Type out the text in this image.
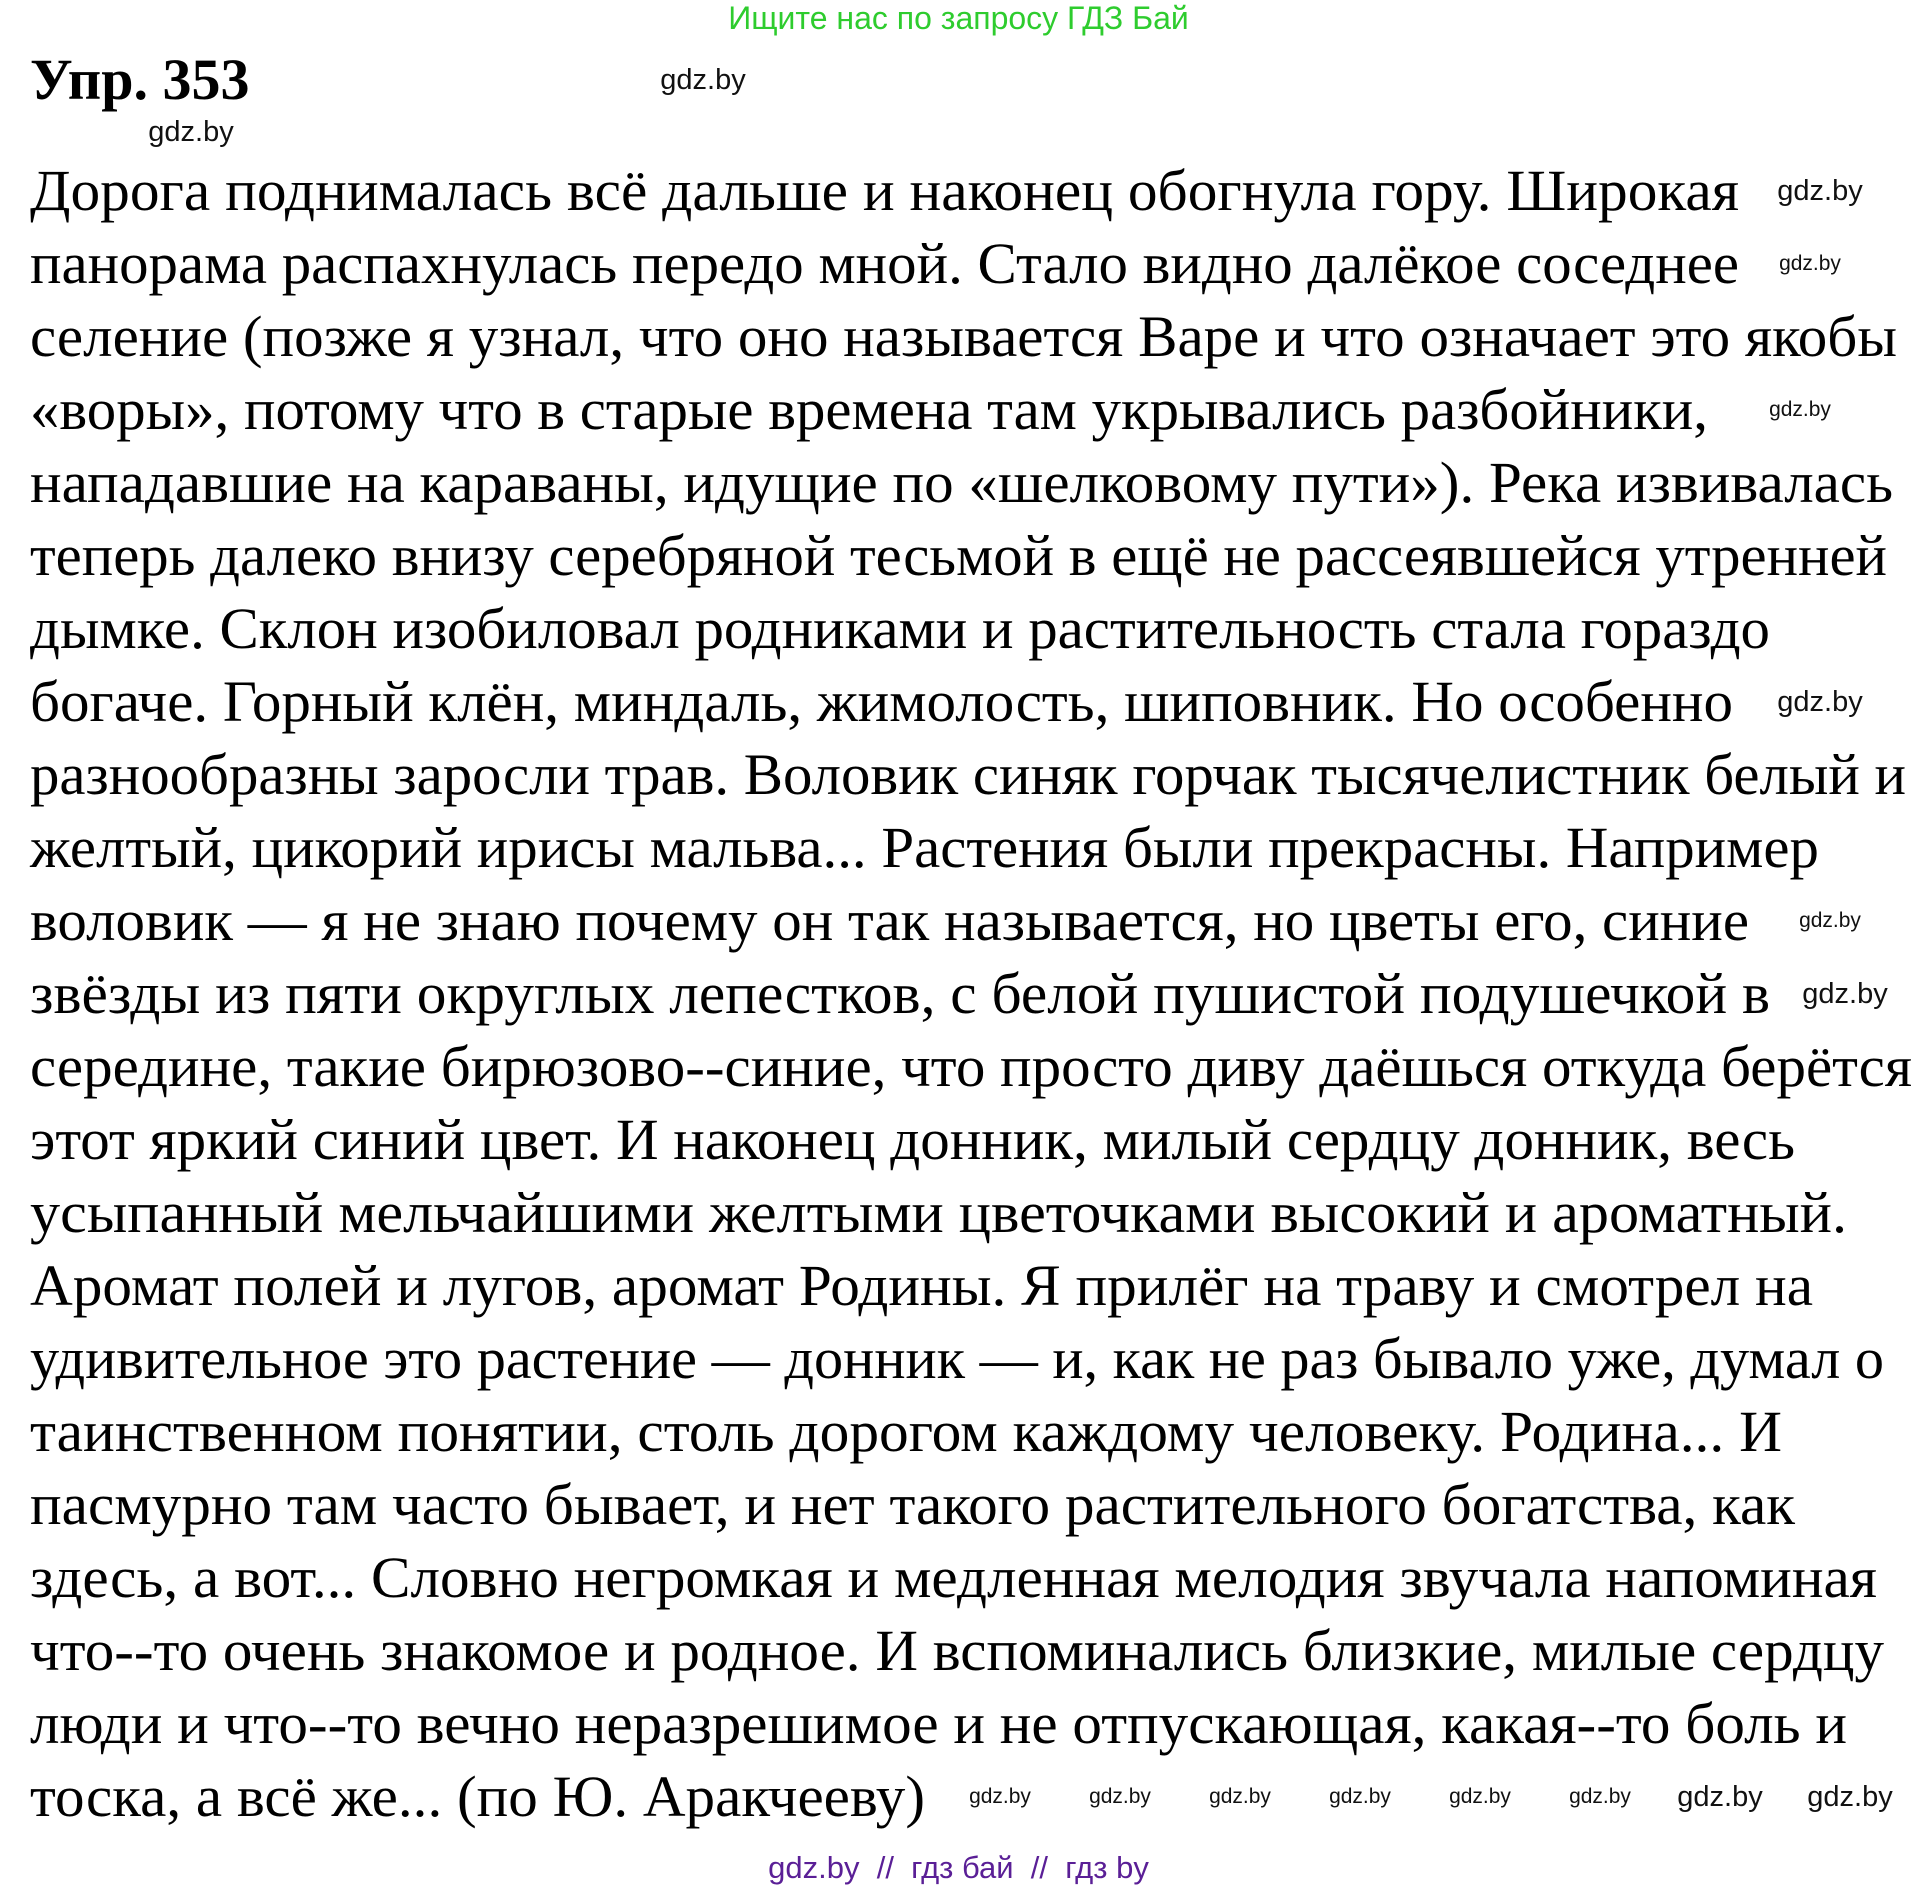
Ищите нас по запросу ГДЗ Бай
Упр. 353
Дорога поднималась всё дальше и наконец обогнула гору. Широкая
панорама распахнулась передо мной. Стало видно далёкое соседнее
селение (позже я узнал, что оно называется Варе и что означает это якобы
«воры», потому что в старые времена там укрывались разбойники,
нападавшие на караваны, идущие по «шелковому пути»). Река извивалась
теперь далеко внизу серебряной тесьмой в ещё не рассеявшейся утренней
дымке. Склон изобиловал родниками и растительность стала гораздо
богаче. Горный клён, миндаль, жимолость, шиповник. Но особенно
разнообразны заросли трав. Воловик синяк горчак тысячелистник белый и
желтый, цикорий ирисы мальва... Растения были прекрасны. Например
воловик — я не знаю почему он так называется, но цветы его, синие
звёзды из пяти округлых лепестков, с белой пушистой подушечкой в
середине, такие бирюзово--синие, что просто диву даёшься откуда берётся
этот яркий синий цвет. И наконец донник, милый сердцу донник, весь
усыпанный мельчайшими желтыми цветочками высокий и ароматный.
Аромат полей и лугов, аромат Родины. Я прилёг на траву и смотрел на
удивительное это растение — донник — и, как не раз бывало уже, думал о
таинственном понятии, столь дорогом каждому человеку. Родина... И
пасмурно там часто бывает, и нет такого растительного богатства, как
здесь, а вот... Словно негромкая и медленная мелодия звучала напоминая
что--то очень знакомое и родное. И вспоминались близкие, милые сердцу
люди и что--то вечно неразрешимое и не отпускающая, какая--то боль и
тоска, а всё же... (по Ю. Аракчееву)
gdz.by
gdz.by
gdz.by
gdz.by
gdz.by
gdz.by
gdz.by
gdz.by
gdz.by
gdz.by	gdz.by	gdz.by	gdz.by	gdz.by gdz.by gdz.by
gdz.by  //  гдз бай  //  гдз by
